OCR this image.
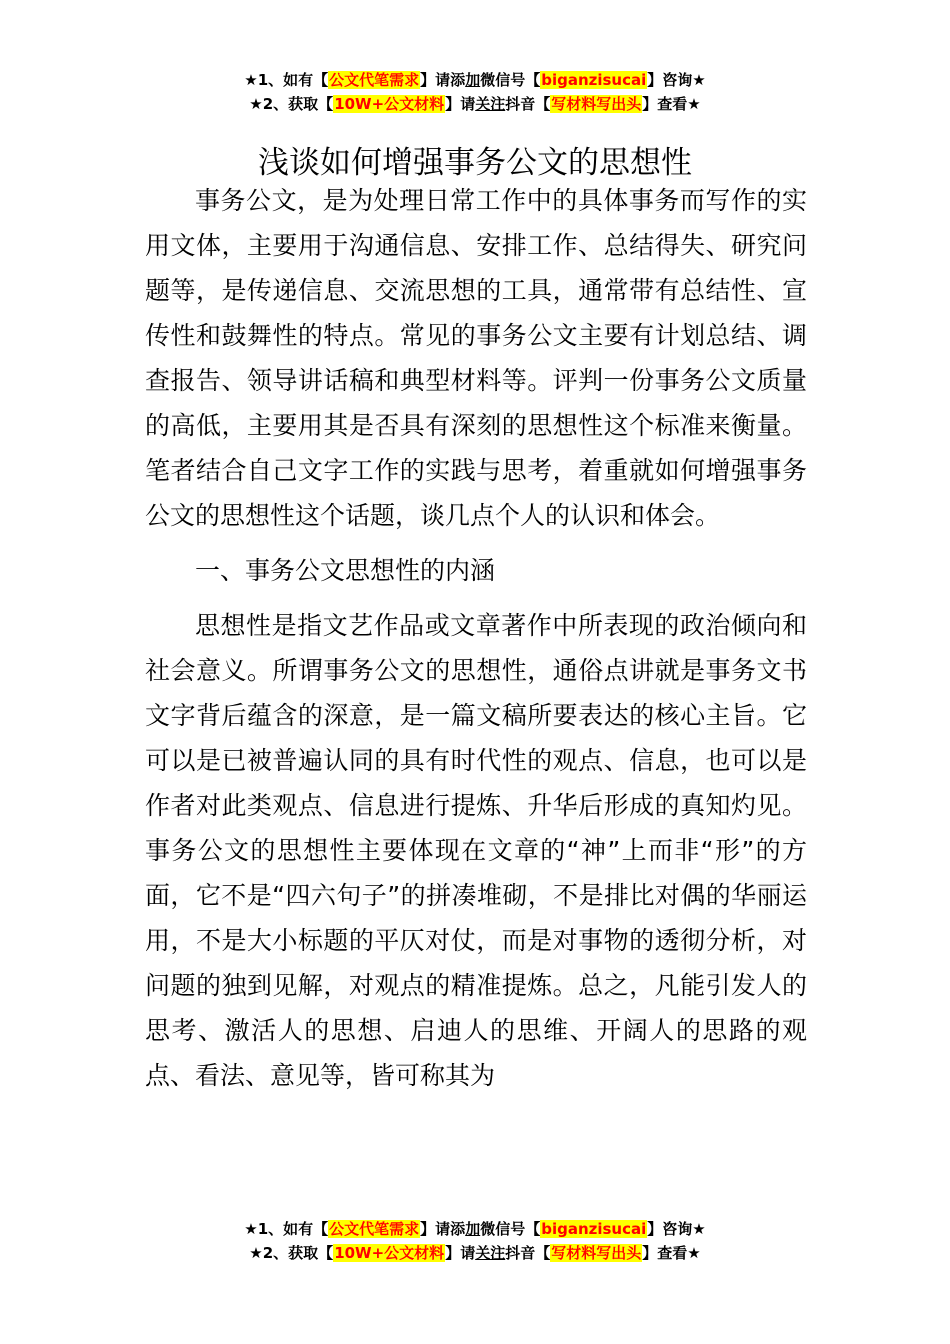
★1、如有【公文代笔需求】请添加微信号【biganzisucai】咨询★
★2、获取【10W+公文材料】请关注抖音【写材料写出头】查看★
浅谈如何增强事务公文的思想性

事务公文，是为处理日常工作中的具体事务而写作的实用文体，主要用于沟通信息、安排工作、总结得失、研究问题等，是传递信息、交流思想的工具，通常带有总结性、宣传性和鼓舞性的特点。常见的事务公文主要有计划总结、调查报告、领导讲话稿和典型材料等。评判一份事务公文质量的高低，主要用其是否具有深刻的思想性这个标准来衡量。笔者结合自己文字工作的实践与思考，着重就如何增强事务公文的思想性这个话题，谈几点个人的认识和体会。

一、事务公文思想性的内涵

思想性是指文艺作品或文章著作中所表现的政治倾向和社会意义。所谓事务公文的思想性，通俗点讲就是事务文书文字背后蕴含的深意，是一篇文稿所要表达的核心主旨。它可以是已被普遍认同的具有时代性的观点、信息，也可以是作者对此类观点、信息进行提炼、升华后形成的真知灼见。事务公文的思想性主要体现在文章的“神”上而非“形”的方面，它不是“四六句子”的拼凑堆砌，不是排比对偶的华丽运用，不是大小标题的平仄对仗，而是对事物的透彻分析，对问题的独到见解，对观点的精准提炼。总之，凡能引发人的思考、激活人的思想、启迪人的思维、开阔人的思路的观点、看法、意见等，皆可称其为

★1、如有【公文代笔需求】请添加微信号【biganzisucai】咨询★
★2、获取【10W+公文材料】请关注抖音【写材料写出头】查看★
